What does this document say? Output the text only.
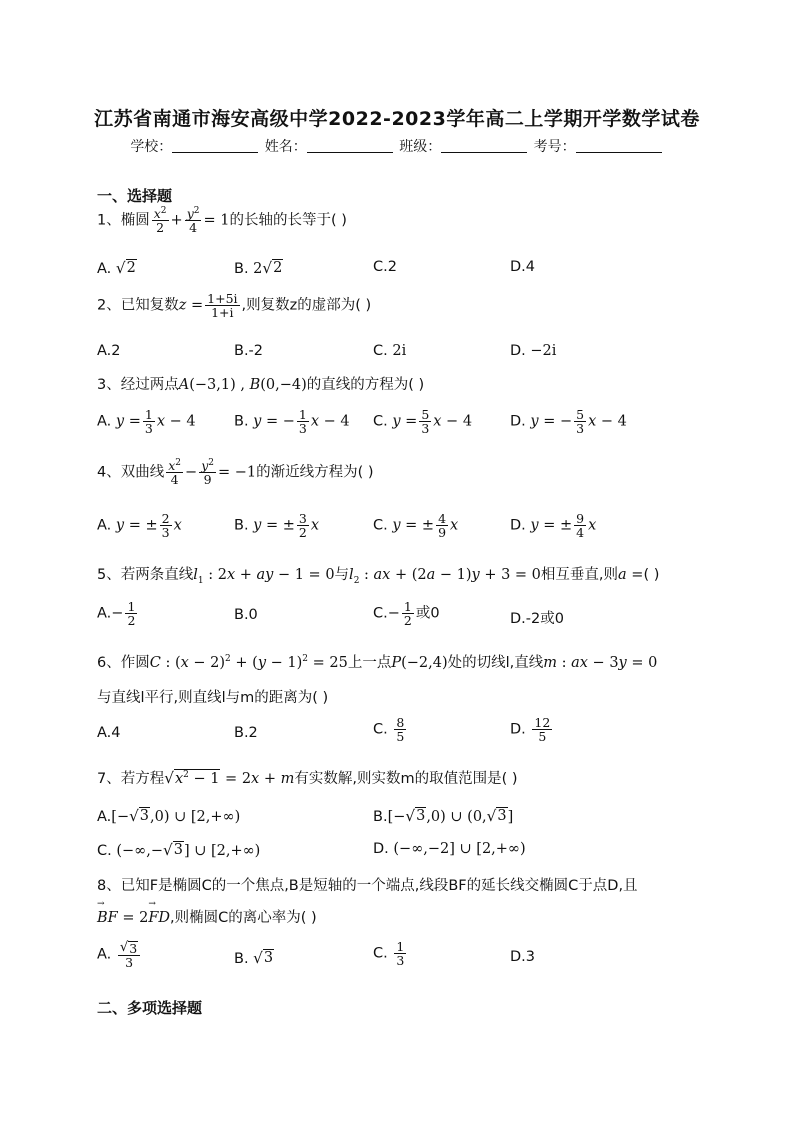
江苏省南通市海安高级中学2022-2023学年高二上学期开学数学试卷
学校：	姓名：	班级：	考号：
一、选择题
1、椭圆 $\frac{x^2}{2} + \frac{y^2}{4} = 1$的长轴的长等于( )
A. √ 2	B. 2 √ 2	C.2	D.4
2、已知复数$z = \frac{1+5i}{1+i}$ ,则复数z的虚部为( )
A.2	B.-2	C. 2i	D. −2i
3、经过两点A(−3,1) , B(0,−4)的直线的方程为( )
A. $y = \frac{1}{3}$ x − 4	B. y = − $\frac{1}{3}$ x − 4 C. $y = \frac{5}{3}$ x − 4	D. y = − $\frac{5}{3}$ x − 4
4、双曲线 $\frac{x^2}{4} - \frac{y^2}{9} = -1$的渐近线方程为( )
A. y = ± $\frac{2}{3}$ x	B. y = ± $\frac{3}{2}$ x	C. y = ± $\frac{4}{9}$ x	D. y = ± $\frac{9}{4}$ x
5、若两条直线$l_1$ : 2x + ay − 1 = 0与$l_2$ : ax + (2a − 1)y + 3 = 0相互垂直,则a =( )
$A.- \frac{1}{2}$	B.0	$C.- \frac{1}{2}$ 或0	D.-2或0
6、作圆C : $(x - 2)^2 + (y - 1)^2 = 25$上一点P(−2,4)处的切线l,直线m : ax − 3y = 0
与直线l平行,则直线l与m的距离为( )
A.4	B.2	C. $\frac{8}{5}$	D. $\frac{12}{5}$
7、若方程 √ $x^2 - 1 = 2x + m$有实数解,则实数m的取值范围是( )
A.[− √ 3 ,0) ∪ [2,+∞)	B.[− √ 3 ,0) ∪ (0, √ 3 ]
C. (−∞,− √ 3 ] ∪ [2,+∞)	D. (−∞,−2] ∪ [2,+∞)
8、已知F是椭圆C的一个焦点,B是短轴的一个端点,线段BF的延长线交椭圆C于点D,且
→ BF = 2→ FD,则椭圆C的离心率为( )
A. $\frac{√ 3}{3}$	B. √ 3	C. $\frac{1}{3}$	D.3
二、多项选择题
